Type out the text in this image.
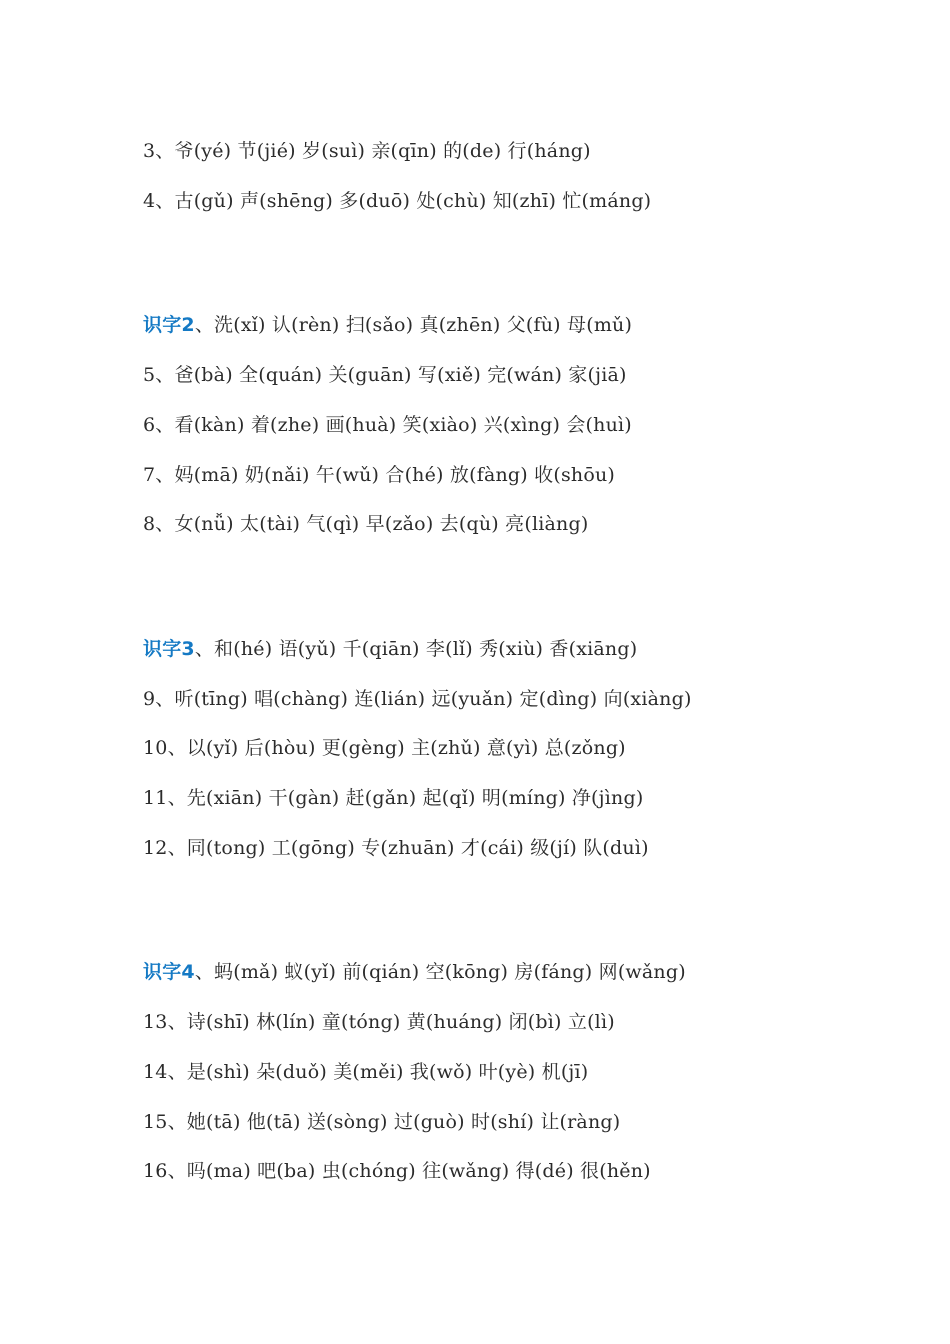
3、爷(yé) 节(jié) 岁(suì) 亲(qīn) 的(de) 行(háng)
4、古(gǔ) 声(shēng) 多(duō) 处(chù) 知(zhī) 忙(máng)
识字2、洗(xǐ) 认(rèn) 扫(sǎo) 真(zhēn) 父(fù) 母(mǔ)
5、爸(bà) 全(quán) 关(guān) 写(xiě) 完(wán) 家(jiā)
6、看(kàn) 着(zhe) 画(huà) 笑(xiào) 兴(xìng) 会(huì)
7、妈(mā) 奶(nǎi) 午(wǔ) 合(hé) 放(fàng) 收(shōu)
8、女(nǚ) 太(tài) 气(qì) 早(zǎo) 去(qù) 亮(liàng)
识字3、和(hé) 语(yǔ) 千(qiān) 李(lǐ) 秀(xiù) 香(xiāng)
9、听(tīng) 唱(chàng) 连(lián) 远(yuǎn) 定(dìng) 向(xiàng)
10、以(yǐ) 后(hòu) 更(gèng) 主(zhǔ) 意(yì) 总(zǒng)
11、先(xiān) 干(gàn) 赶(gǎn) 起(qǐ) 明(míng) 净(jìng)
12、同(tong) 工(gōng) 专(zhuān) 才(cái) 级(jí) 队(duì)
识字4、蚂(mǎ) 蚁(yǐ) 前(qián) 空(kōng) 房(fáng) 网(wǎng)
13、诗(shī) 林(lín) 童(tóng) 黄(huáng) 闭(bì) 立(lì)
14、是(shì) 朵(duǒ) 美(měi) 我(wǒ) 叶(yè) 机(jī)
15、她(tā) 他(tā) 送(sòng) 过(guò) 时(shí) 让(ràng)
16、吗(ma) 吧(ba) 虫(chóng) 往(wǎng) 得(dé) 很(hěn)
